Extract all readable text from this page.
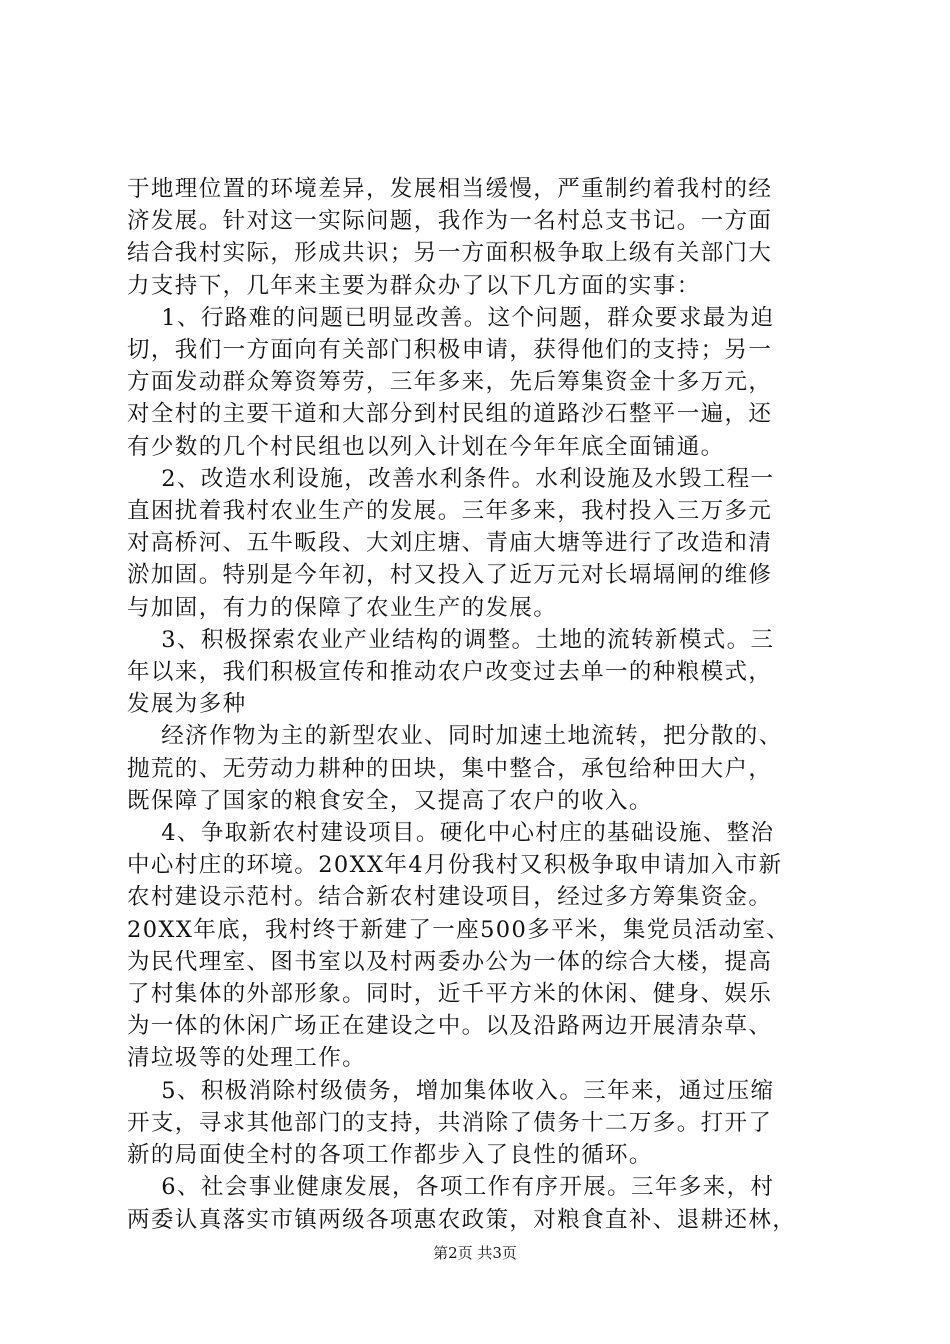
于地理位置的环境差异，发展相当缓慢，严重制约着我村的经
济发展。针对这一实际问题，我作为一名村总支书记。一方面
结合我村实际，形成共识；另一方面积极争取上级有关部门大
力支持下，几年来主要为群众办了以下几方面的实事：
1、行路难的问题已明显改善。这个问题，群众要求最为迫
切，我们一方面向有关部门积极申请，获得他们的支持；另一
方面发动群众筹资筹劳，三年多来，先后筹集资金十多万元，
对全村的主要干道和大部分到村民组的道路沙石整平一遍，还
有少数的几个村民组也以列入计划在今年年底全面铺通。
2、改造水利设施，改善水利条件。水利设施及水毁工程一
直困扰着我村农业生产的发展。三年多来，我村投入三万多元
对高桥河、五牛畈段、大刘庄塘、青庙大塘等进行了改造和清
淤加固。特别是今年初，村又投入了近万元对长塥塥闸的维修
与加固，有力的保障了农业生产的发展。
3、积极探索农业产业结构的调整。土地的流转新模式。三
年以来，我们积极宣传和推动农户改变过去单一的种粮模式，
发展为多种
经济作物为主的新型农业、同时加速土地流转，把分散的、
抛荒的、无劳动力耕种的田块，集中整合，承包给种田大户，
既保障了国家的粮食安全，又提高了农户的收入。
4、争取新农村建设项目。硬化中心村庄的基础设施、整治
中心村庄的环境。20XX年4月份我村又积极争取申请加入市新
农村建设示范村。结合新农村建设项目，经过多方筹集资金。
20XX年底，我村终于新建了一座500多平米，集党员活动室、
为民代理室、图书室以及村两委办公为一体的综合大楼，提高
了村集体的外部形象。同时，近千平方米的休闲、健身、娱乐
为一体的休闲广场正在建设之中。以及沿路两边开展清杂草、
清垃圾等的处理工作。
5、积极消除村级债务，增加集体收入。三年来，通过压缩
开支，寻求其他部门的支持，共消除了债务十二万多。打开了
新的局面使全村的各项工作都步入了良性的循环。
6、社会事业健康发展，各项工作有序开展。三年多来，村
两委认真落实市镇两级各项惠农政策，对粮食直补、退耕还林，
第2页 共3页
